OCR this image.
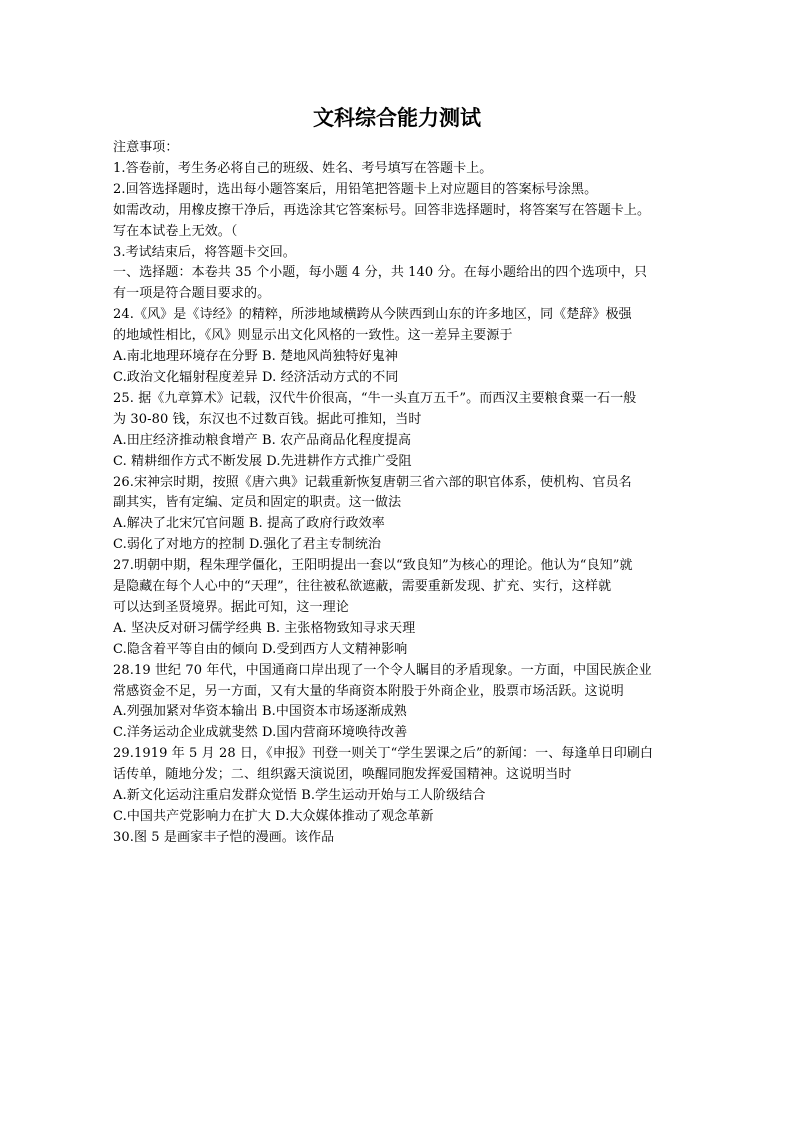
文科综合能力测试
注意事项：
1.答卷前，考生务必将自己的班级、姓名、考号填写在答题卡上。
2.回答选择题时，选出每小题答案后，用铅笔把答题卡上对应题目的答案标号涂黑。
如需改动，用橡皮擦干净后，再选涂其它答案标号。回答非选择题时，将答案写在答题卡上。
写在本试卷上无效。（
3.考试结束后，将答题卡交回。
一、选择题：本卷共 35 个小题，每小题 4 分，共 140 分。在每小题给出的四个选项中，只
有一项是符合题目要求的。
24.《风》是《诗经》的精粹，所涉地域横跨从今陕西到山东的许多地区，同《楚辞》极强
的地域性相比，《风》则显示出文化风格的一致性。这一差异主要源于
A.南北地理环境存在分野 B. 楚地风尚独特好鬼神
C.政治文化辐射程度差异 D. 经济活动方式的不同
25. 据《九章算术》记载，汉代牛价很高，“牛一头直万五千”。而西汉主要粮食粟一石一般
为 30-80 钱，东汉也不过数百钱。据此可推知，当时
A.田庄经济推动粮食增产 B. 农产品商品化程度提高
C. 精耕细作方式不断发展 D.先进耕作方式推广受阻
26.宋神宗时期，按照《唐六典》记载重新恢复唐朝三省六部的职官体系，使机构、官员名
副其实，皆有定编、定员和固定的职责。这一做法
A.解决了北宋冗官问题 B. 提高了政府行政效率
C.弱化了对地方的控制 D.强化了君主专制统治
27.明朝中期，程朱理学僵化，王阳明提出一套以“致良知”为核心的理论。他认为“良知”就
是隐藏在每个人心中的“天理”，往往被私欲遮蔽，需要重新发现、扩充、实行，这样就
可以达到圣贤境界。据此可知，这一理论
A. 坚决反对研习儒学经典 B. 主张格物致知寻求天理
C.隐含着平等自由的倾向 D.受到西方人文精神影响
28.19 世纪 70 年代，中国通商口岸出现了一个令人瞩目的矛盾现象。一方面，中国民族企业
常感资金不足，另一方面，又有大量的华商资本附股于外商企业，股票市场活跃。这说明
A.列强加紧对华资本输出 B.中国资本市场逐渐成熟
C.洋务运动企业成就斐然 D.国内营商环境唤待改善
29.1919 年 5 月 28 日，《申报》刊登一则关丁“学生罢课之后”的新闻：一、每逢单日印刷白
话传单，随地分发；二、组织露天演说团，唤醒同胞发挥爱国精神。这说明当时
A.新文化运动注重启发群众觉悟 B.学生运动开始与工人阶级结合
C.中国共产党影响力在扩大 D.大众媒体推动了观念革新
30.图 5 是画家丰子恺的漫画。该作品
